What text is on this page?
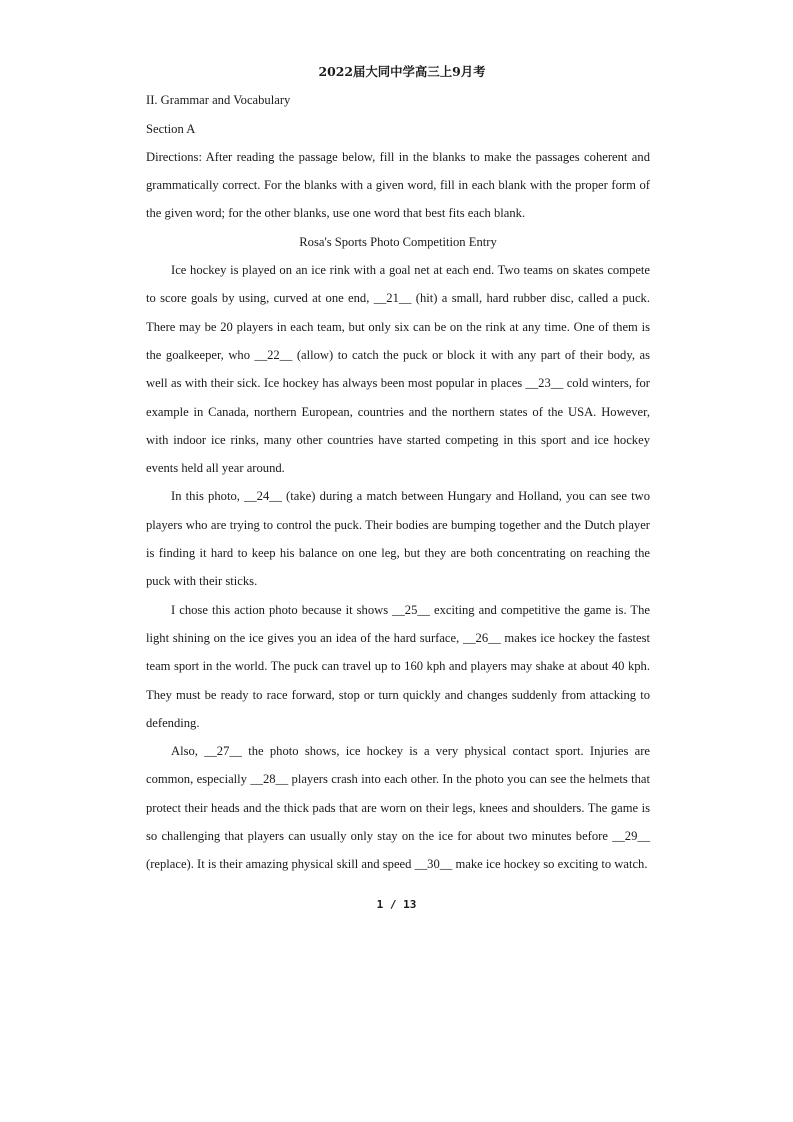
2022届大同中学高三上9月考
II. Grammar and Vocabulary
Section A
Directions: After reading the passage below, fill in the blanks to make the passages coherent and grammatically correct. For the blanks with a given word, fill in each blank with the proper form of the given word; for the other blanks, use one word that best fits each blank.
Rosa's Sports Photo Competition Entry
Ice hockey is played on an ice rink with a goal net at each end. Two teams on skates compete to score goals by using, curved at one end, __21__ (hit) a small, hard rubber disc, called a puck. There may be 20 players in each team, but only six can be on the rink at any time. One of them is the goalkeeper, who __22__ (allow) to catch the puck or block it with any part of their body, as well as with their sick. Ice hockey has always been most popular in places __23__ cold winters, for example in Canada, northern European, countries and the northern states of the USA. However, with indoor ice rinks, many other countries have started competing in this sport and ice hockey events held all year around.
In this photo, __24__ (take) during a match between Hungary and Holland, you can see two players who are trying to control the puck. Their bodies are bumping together and the Dutch player is finding it hard to keep his balance on one leg, but they are both concentrating on reaching the puck with their sticks.
I chose this action photo because it shows __25__ exciting and competitive the game is. The light shining on the ice gives you an idea of the hard surface, __26__ makes ice hockey the fastest team sport in the world. The puck can travel up to 160 kph and players may shake at about 40 kph. They must be ready to race forward, stop or turn quickly and changes suddenly from attacking to defending.
Also, __27__ the photo shows, ice hockey is a very physical contact sport. Injuries are common, especially __28__ players crash into each other. In the photo you can see the helmets that protect their heads and the thick pads that are worn on their legs, knees and shoulders. The game is so challenging that players can usually only stay on the ice for about two minutes before __29__ (replace). It is their amazing physical skill and speed __30__ make ice hockey so exciting to watch.
1 / 13
